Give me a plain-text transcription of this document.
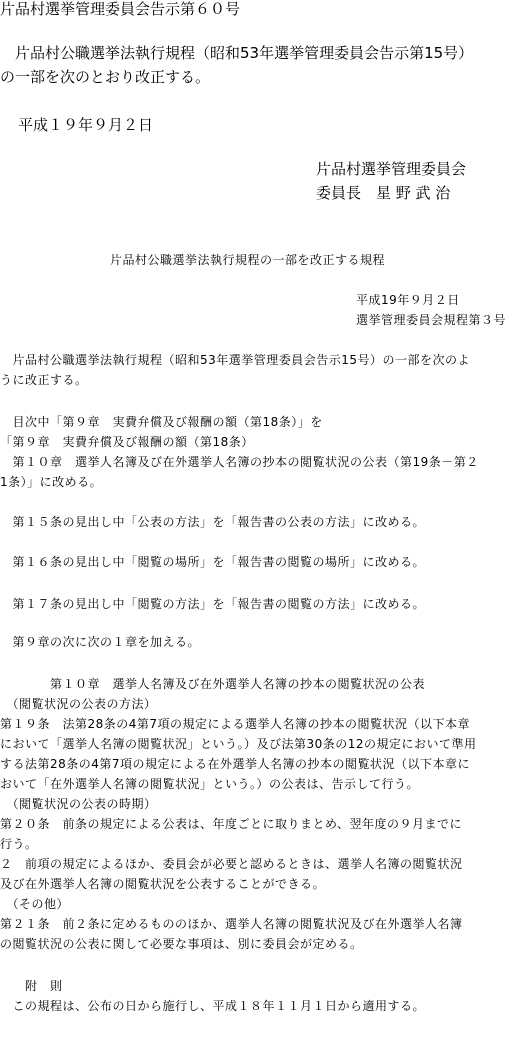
片品村選挙管理委員会告示第６０号
　片品村公職選挙法執行規程（昭和53年選挙管理委員会告示第15号）
の一部を次のとおり改正する。
平成１９年９月２日
片品村選挙管理委員会
委員長　星 野 武 治
片品村公職選挙法執行規程の一部を改正する規程
平成19年９月２日
選挙管理委員会規程第３号
　片品村公職選挙法執行規程（昭和53年選挙管理委員会告示15号）の一部を次のよ
うに改正する。
　目次中「第９章　実費弁償及び報酬の額（第18条）」を
「第９章　実費弁償及び報酬の額（第18条）
　第１０章　選挙人名簿及び在外選挙人名簿の抄本の閲覧状況の公表（第19条－第２
1条）」に改める。
　第１５条の見出し中「公表の方法」を「報告書の公表の方法」に改める。
　第１６条の見出し中「閲覧の場所」を「報告書の閲覧の場所」に改める。
　第１７条の見出し中「閲覧の方法」を「報告書の閲覧の方法」に改める。
　第９章の次に次の１章を加える。
　　　　第１０章　選挙人名簿及び在外選挙人名簿の抄本の閲覧状況の公表
　（閲覧状況の公表の方法）
第１９条　法第28条の4第7項の規定による選挙人名簿の抄本の閲覧状況（以下本章
において「選挙人名簿の閲覧状況」という。）及び法第30条の12の規定において準用
する法第28条の4第7項の規定による在外選挙人名簿の抄本の閲覧状況（以下本章に
おいて「在外選挙人名簿の閲覧状況」という。）の公表は、告示して行う。
　（閲覧状況の公表の時期）
第２０条　前条の規定による公表は、年度ごとに取りまとめ、翌年度の９月までに
行う。
２　前項の規定によるほか、委員会が必要と認めるときは、選挙人名簿の閲覧状況
及び在外選挙人名簿の閲覧状況を公表することができる。
　（その他）
第２１条　前２条に定めるもののほか、選挙人名簿の閲覧状況及び在外選挙人名簿
の閲覧状況の公表に関して必要な事項は、別に委員会が定める。
　　附　則
　この規程は、公布の日から施行し、平成１８年１１月１日から適用する。
